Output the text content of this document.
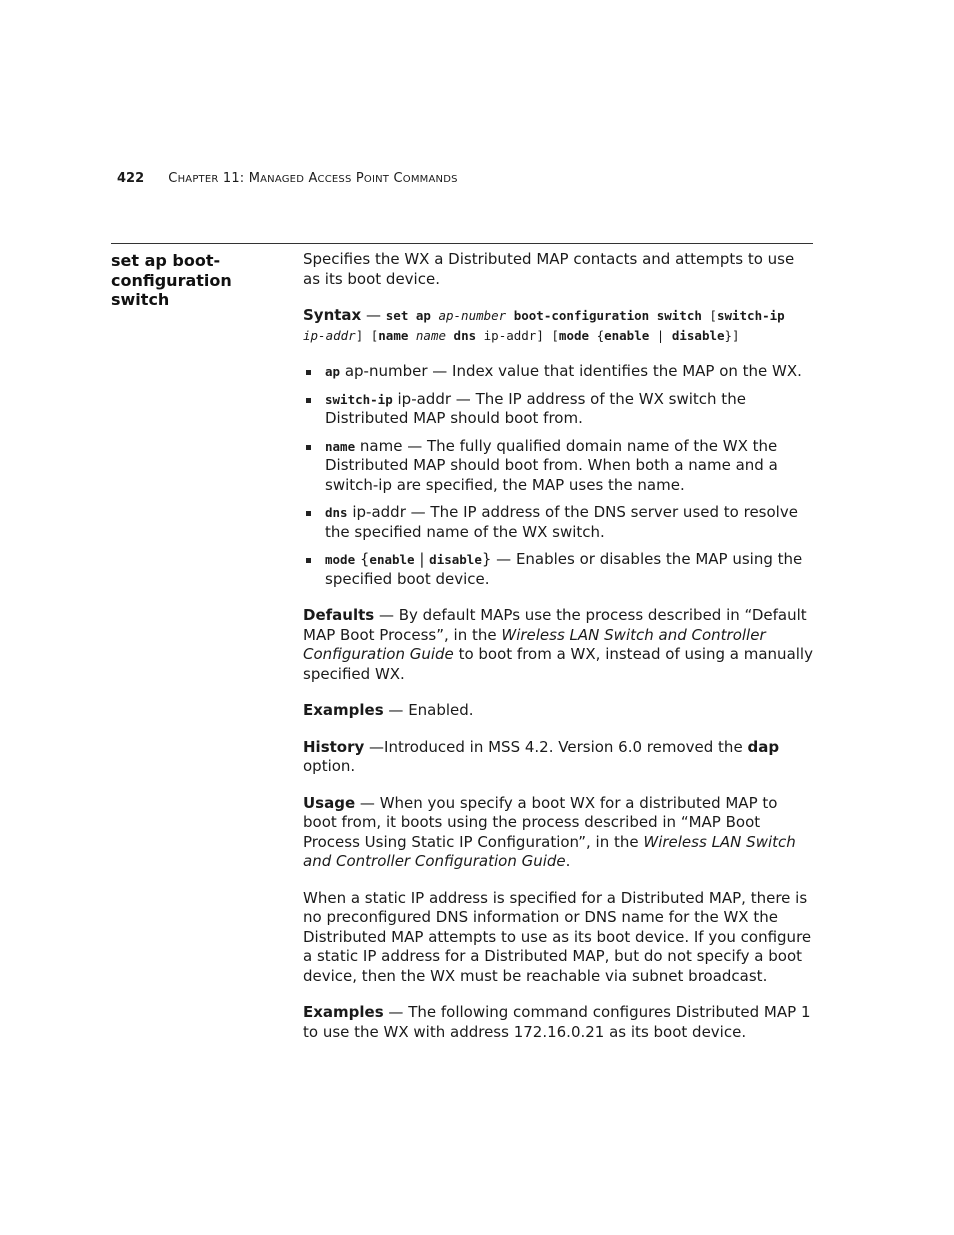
422 CHAPTER 11: MANAGED ACCESS POINT COMMANDS
set ap boot-configuration switch

Specifies the WX a Distributed MAP contacts and attempts to use as its boot device.

Syntax — set ap ap-number boot-configuration switch [switch-ip ip-addr] [name name dns ip-addr] [mode {enable | disable}]

ap ap-number — Index value that identifies the MAP on the WX.
switch-ip ip-addr — The IP address of the WX switch the Distributed MAP should boot from.
name name — The fully qualified domain name of the WX the Distributed MAP should boot from. When both a name and a switch-ip are specified, the MAP uses the name.
dns ip-addr — The IP address of the DNS server used to resolve the specified name of the WX switch.
mode {enable | disable} — Enables or disables the MAP using the specified boot device.

Defaults — By default MAPs use the process described in “Default MAP Boot Process”, in the Wireless LAN Switch and Controller Configuration Guide to boot from a WX, instead of using a manually specified WX.

Examples — Enabled.

History —Introduced in MSS 4.2. Version 6.0 removed the dap option.

Usage — When you specify a boot WX for a distributed MAP to boot from, it boots using the process described in “MAP Boot Process Using Static IP Configuration”, in the Wireless LAN Switch and Controller Configuration Guide.

When a static IP address is specified for a Distributed MAP, there is no preconfigured DNS information or DNS name for the WX the Distributed MAP attempts to use as its boot device. If you configure a static IP address for a Distributed MAP, but do not specify a boot device, then the WX must be reachable via subnet broadcast.

Examples — The following command configures Distributed MAP 1 to use the WX with address 172.16.0.21 as its boot device.
